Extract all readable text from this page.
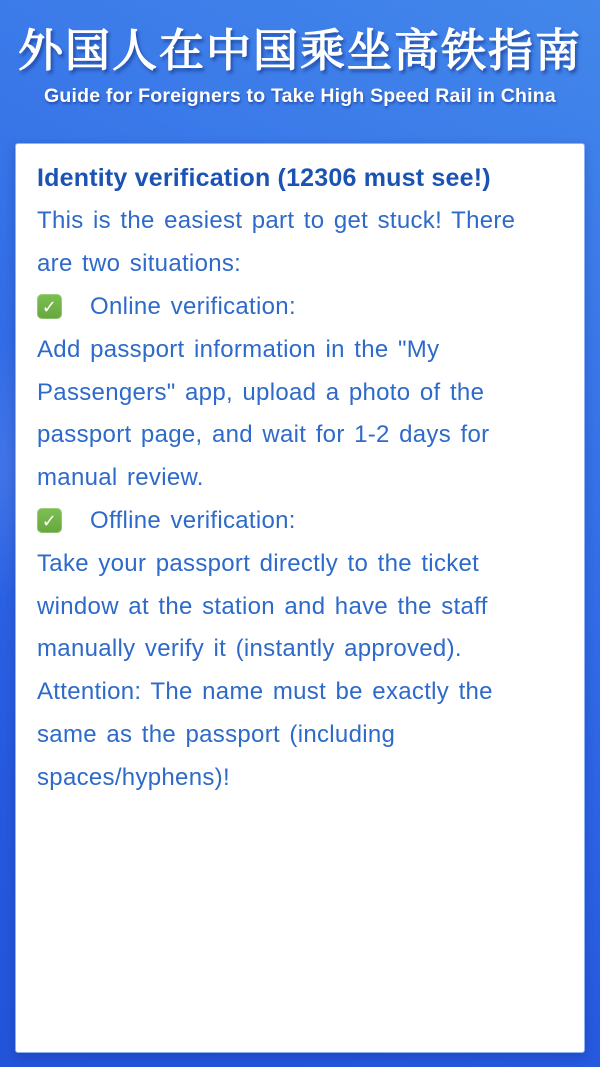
外国人在中国乘坐高铁指南
Guide for Foreigners to Take High Speed Rail in China
Identity verification (12306 must see!)
This is the easiest part to get stuck! There
are two situations:
✓ Online verification:
Add passport information in the "My
Passengers" app, upload a photo of the
passport page, and wait for 1-2 days for
manual review.
✓ Offline verification:
Take your passport directly to the ticket
window at the station and have the staff
manually verify it (instantly approved).
Attention: The name must be exactly the
same as the passport (including
spaces/hyphens)!
